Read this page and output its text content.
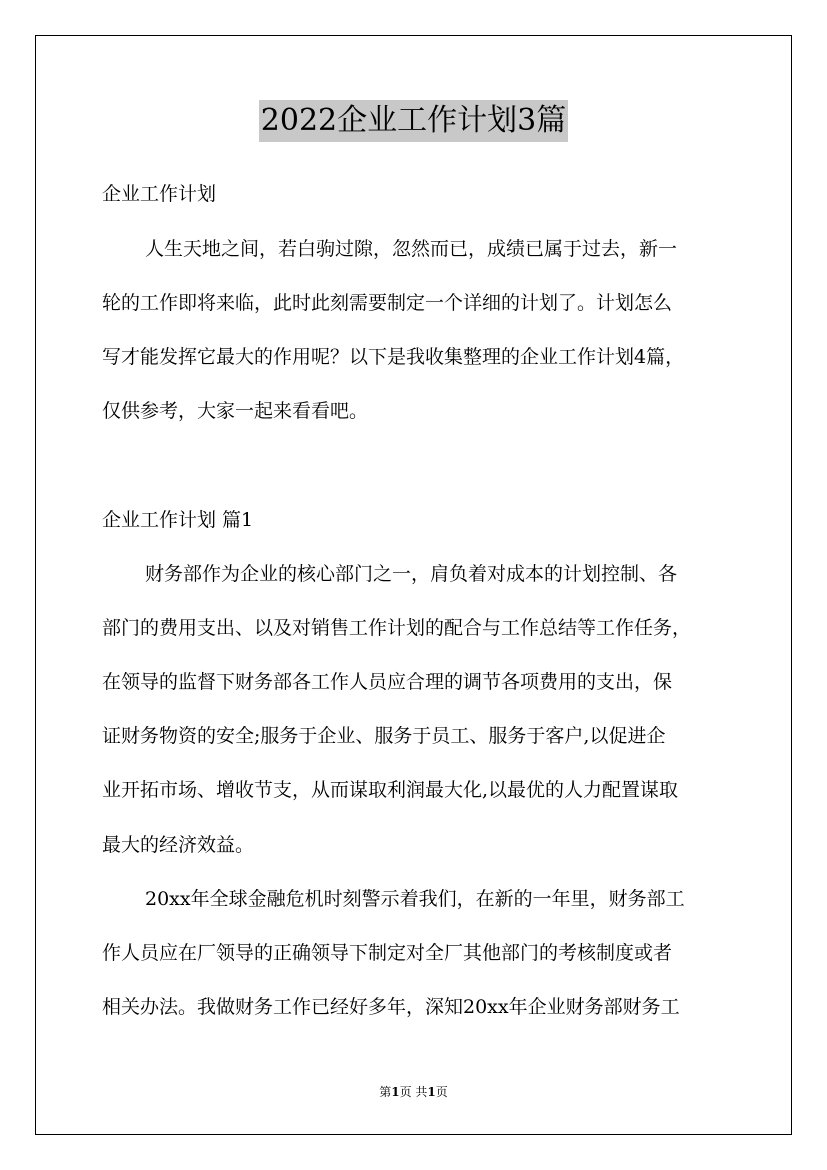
2022企业工作计划3篇
企业工作计划
人生天地之间，若白驹过隙，忽然而已，成绩已属于过去，新一
轮的工作即将来临，此时此刻需要制定一个详细的计划了。计划怎么
写才能发挥它最大的作用呢？以下是我收集整理的企业工作计划4篇，
仅供参考，大家一起来看看吧。
企业工作计划 篇1
财务部作为企业的核心部门之一，肩负着对成本的计划控制、各
部门的费用支出、以及对销售工作计划的配合与工作总结等工作任务，
在领导的监督下财务部各工作人员应合理的调节各项费用的支出，保
证财务物资的安全;服务于企业、服务于员工、服务于客户,以促进企
业开拓市场、增收节支，从而谋取利润最大化,以最优的人力配置谋取
最大的经济效益。
20xx年全球金融危机时刻警示着我们，在新的一年里，财务部工
作人员应在厂领导的正确领导下制定对全厂其他部门的考核制度或者
相关办法。我做财务工作已经好多年，深知20xx年企业财务部财务工
第1页 共1页
